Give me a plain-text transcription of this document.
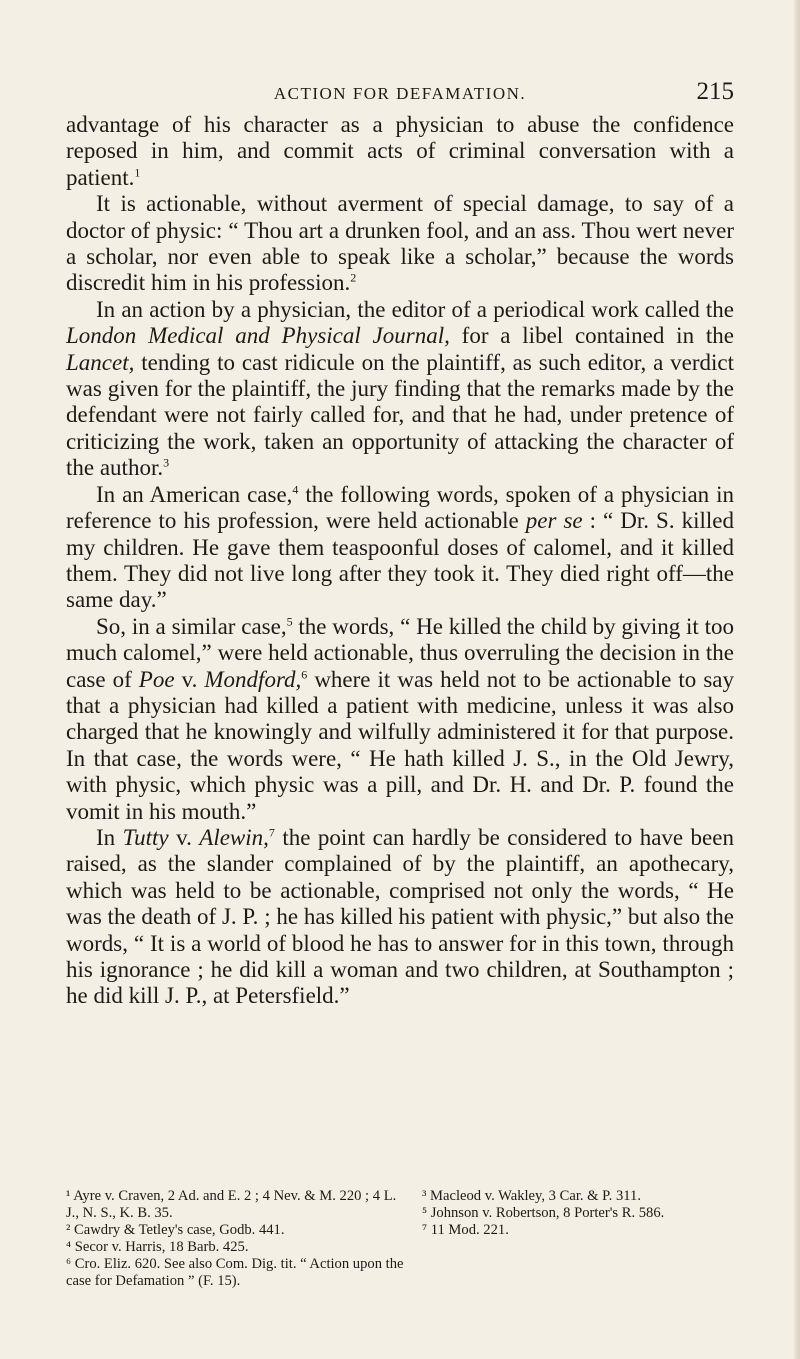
ACTION FOR DEFAMATION.	215

advantage of his character as a physician to abuse the confidence reposed in him, and commit acts of criminal conversation with a patient.$^1$

It is actionable, without averment of special damage, to say of a doctor of physic: “ Thou art a drunken fool, and an ass. Thou wert never a scholar, nor even able to speak like a scholar,” because the words discredit him in his profession.$^2$

In an action by a physician, the editor of a periodical work called the London Medical and Physical Journal, for a libel contained in the Lancet, tending to cast ridicule on the plaintiff, as such editor, a verdict was given for the plaintiff, the jury finding that the remarks made by the defendant were not fairly called for, and that he had, under pretence of criticizing the work, taken an opportunity of attacking the character of the author.$^3$

In an American case,$^4$ the following words, spoken of a physician in reference to his profession, were held actionable per se : “ Dr. S. killed my children. He gave them teaspoonful doses of calomel, and it killed them. They did not live long after they took it. They died right off—the same day.”

So, in a similar case,$^5$ the words, “ He killed the child by giving it too much calomel,” were held actionable, thus overruling the decision in the case of Poe v. Mondford,$^6$ where it was held not to be actionable to say that a physician had killed a patient with medicine, unless it was also charged that he knowingly and wilfully administered it for that purpose. In that case, the words were, “ He hath killed J. S., in the Old Jewry, with physic, which physic was a pill, and Dr. H. and Dr. P. found the vomit in his mouth.”

In Tutty v. Alewin,$^7$ the point can hardly be considered to have been raised, as the slander complained of by the plaintiff, an apothecary, which was held to be actionable, comprised not only the words, “ He was the death of J. P. ; he has killed his patient with physic,” but also the words, “ It is a world of blood he has to answer for in this town, through his ignorance ; he did kill a woman and two children, at Southampton ; he did kill J. P., at Petersfield.”

¹ Ayre v. Craven, 2 Ad. and E. 2 ; 4 Nev. & M. 220 ; 4 L. J., N. S., K. B. 35.

² Cawdry & Tetley's case, Godb. 441.

⁴ Secor v. Harris, 18 Barb. 425.

⁶ Cro. Eliz. 620. See also Com. Dig. tit. “ Action upon the case for Defamation ” (F. 15).

³ Macleod v. Wakley, 3 Car. & P. 311.

⁵ Johnson v. Robertson, 8 Porter's R. 586.

⁷ 11 Mod. 221.
